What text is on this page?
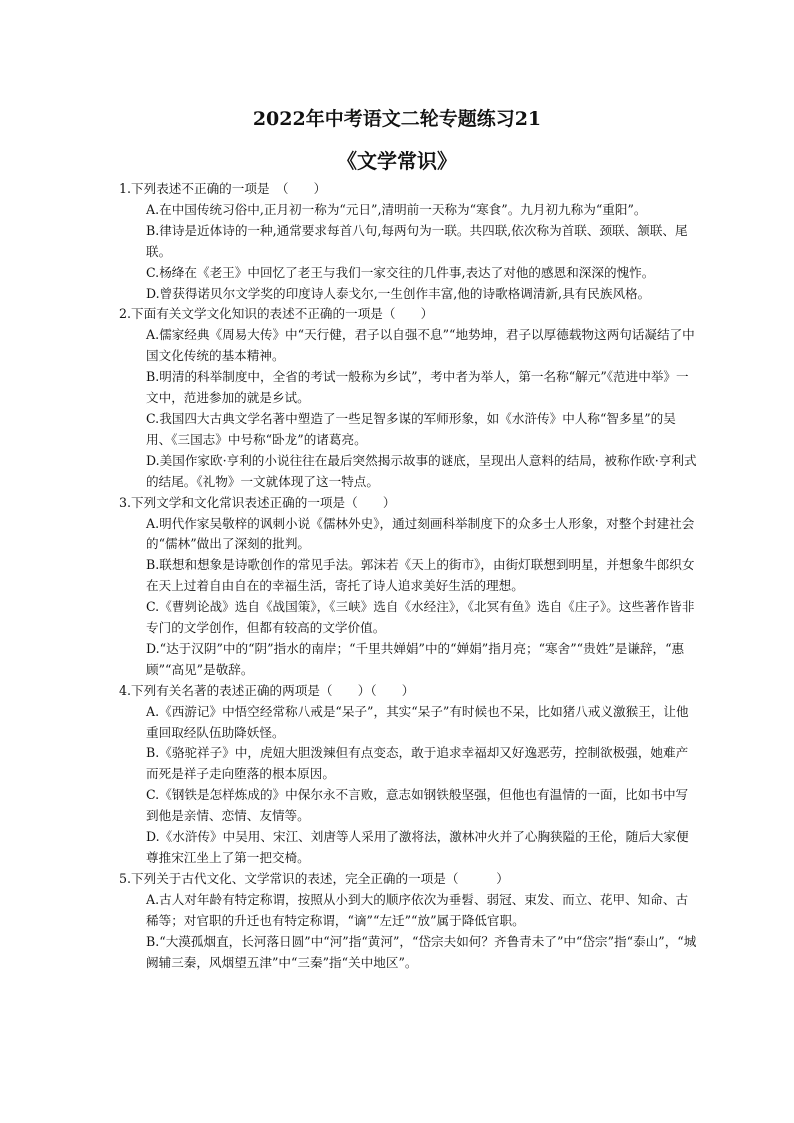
2022年中考语文二轮专题练习21
《文学常识》

1.下列表述不正确的一项是　（　　）

A.在中国传统习俗中,正月初一称为“元日”,清明前一天称为“寒食”。九月初九称为“重阳”。

B.律诗是近体诗的一种,通常要求每首八句,每两句为一联。共四联,依次称为首联、颈联、颔联、尾联。

C.杨绛在《老王》中回忆了老王与我们一家交往的几件事,表达了对他的感恩和深深的愧怍。

D.曾获得诺贝尔文学奖的印度诗人泰戈尔,一生创作丰富,他的诗歌格调清新,具有民族风格。

2.下面有关文学文化知识的表述不正确的一项是（　　）

A.儒家经典《周易大传》中“天行健，君子以自强不息”“地势坤，君子以厚德载物这两句话凝结了中国文化传统的基本精神。

B.明清的科举制度中，全省的考试一般称为乡试”，考中者为举人，第一名称“解元”《范进中举》一文中，范进参加的就是乡试。

C.我国四大古典文学名著中塑造了一些足智多谋的军师形象，如《水浒传》中人称“智多星”的吴用、《三国志》中号称“卧龙”的诸葛亮。

D.美国作家欧·亨利的小说往往在最后突然揭示故事的谜底，呈现出人意料的结局，被称作欧·亨利式的结尾。《礼物》一文就体现了这一特点。

3.下列文学和文化常识表述正确的一项是（　　）

A.明代作家吴敬梓的讽刺小说《儒林外史》，通过刻画科举制度下的众多士人形象，对整个封建社会的“儒林”做出了深刻的批判。

B.联想和想象是诗歌创作的常见手法。郭沫若《天上的街市》，由街灯联想到明星，并想象牛郎织女在天上过着自由自在的幸福生活，寄托了诗人追求美好生活的理想。

C.《曹刿论战》选自《战国策》，《三峡》选自《水经注》，《北冥有鱼》选自《庄子》。这些著作皆非专门的文学创作，但都有较高的文学价值。

D.“达于汉阴”中的“阴”指水的南岸；“千里共婵娟”中的“婵娟”指月亮；“寒舍”“贵姓”是谦辞，“惠顾”“高见”是敬辞。

4.下列有关名著的表述正确的两项是（　　）（　　）

A.《西游记》中悟空经常称八戒是“呆子”，其实“呆子”有时候也不呆，比如猪八戒义激猴王，让他重回取经队伍助降妖怪。

B.《骆驼祥子》中，虎妞大胆泼辣但有点变态，敢于追求幸福却又好逸恶劳，控制欲极强，她难产而死是祥子走向堕落的根本原因。

C.《钢铁是怎样炼成的》中保尔永不言败，意志如钢铁般坚强，但他也有温情的一面，比如书中写到他是亲情、恋情、友情等。

D.《水浒传》中吴用、宋江、刘唐等人采用了激将法，激林冲火并了心胸狭隘的王伦，随后大家便尊推宋江坐上了第一把交椅。

5.下列关于古代文化、文学常识的表述，完全正确的一项是（　　　）

A.古人对年龄有特定称谓，按照从小到大的顺序依次为垂髫、弱冠、束发、而立、花甲、知命、古稀等；对官职的升迁也有特定称谓，“谪”“左迁”“放”属于降低官职。

B.“大漠孤烟直，长河落日圆”中“河”指“黄河”，“岱宗夫如何？齐鲁青未了”中“岱宗”指“泰山”，“城阙辅三秦，风烟望五津”中“三秦”指“关中地区”。
